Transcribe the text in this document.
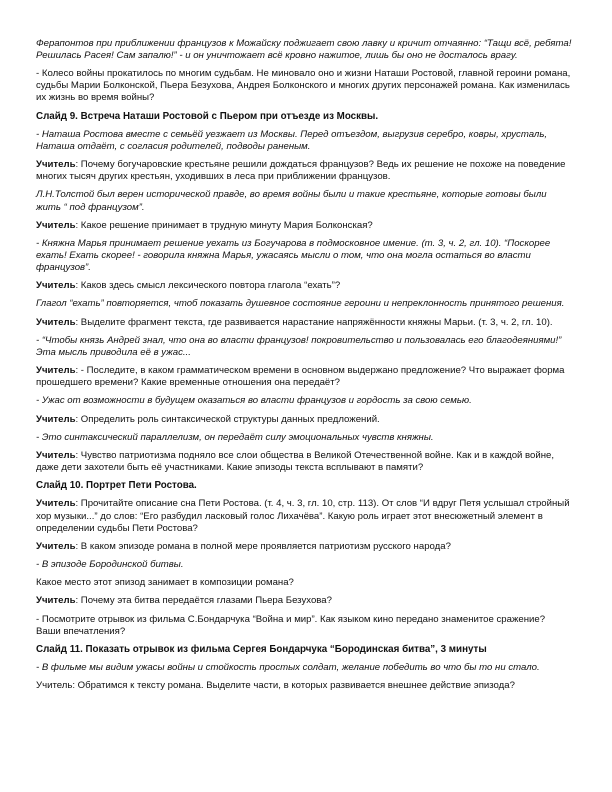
Ферапонтов при приближении французов к Можайску поджигает свою лавку и кричит отчаянно: “Тащи всё, ребята! Решилась Расея! Сам запалю!” - и он уничтожает всё кровно нажитое, лишь бы оно не досталось врагу.

- Колесо войны прокатилось по многим судьбам. Не миновало оно и жизни Наташи Ростовой, главной героини романа, судьбы Марии Болконской, Пьера Безухова, Андрея Болконского и многих других персонажей романа. Как изменилась их жизнь во время войны?

Слайд 9. Встреча Наташи Ростовой с Пьером при отъезде из Москвы.

- Наташа Ростова вместе с семьёй уезжает из Москвы. Перед отъездом, выгрузив серебро, ковры, хрусталь, Наташа отдаёт, с согласия родителей, подводы раненым.

Учитель: Почему богучаровские крестьяне решили дождаться французов? Ведь их решение не похоже на поведение многих тысяч других крестьян, уходивших в леса при приближении французов.

Л.Н.Толстой был верен исторической правде, во время войны были и такие крестьяне, которые готовы были жить “ под французом”.

Учитель: Какое решение принимает в трудную минуту Мария Болконская?

- Княжна Марья принимает решение уехать из Богучарова в подмосковное имение. (т. 3, ч. 2, гл. 10). “Поскорее ехать! Ехать скорее! - говорила княжна Марья, ужасаясь мысли о том, что она могла остаться во власти французов”.

Учитель: Каков здесь смысл лексического повтора глагола “ехать”?

Глагол “ехать” повторяется, чтоб показать душевное состояние героини и непреклонность принятого решения.

Учитель: Выделите фрагмент текста, где развивается нарастание напряжённости княжны Марьи. (т. 3, ч. 2, гл. 10).

- “Чтобы князь Андрей знал, что она во власти французов! покровительство и пользовалась его благодеяниями!” Эта мысль приводила её в ужас...

Учитель: - Последите, в каком грамматическом времени в основном выдержано предложение? Что выражает форма прошедшего времени? Какие временные отношения она передаёт?

- Ужас от возможности в будущем оказаться во власти французов и гордость за свою семью.

Учитель: Определить роль синтаксической структуры данных предложений.

- Это синтаксический параллелизм, он передаёт силу эмоциональных чувств княжны.

Учитель: Чувство патриотизма подняло все слои общества в Великой Отечественной войне. Как и в каждой войне, даже дети захотели быть её участниками. Какие эпизоды текста всплывают в памяти?

Слайд 10. Портрет Пети Ростова.

Учитель: Прочитайте описание сна Пети Ростова. (т. 4, ч. 3, гл. 10, стр. 113). От слов “И вдруг Петя услышал стройный хор музыки...” до слов: “Его разбудил ласковый голос Лихачёва”. Какую роль играет этот внесюжетный элемент в определении судьбы Пети Ростова?

Учитель: В каком эпизоде романа в полной мере проявляется патриотизм русского народа?

- В эпизоде Бородинской битвы.

Какое место этот эпизод занимает в композиции романа?

Учитель: Почему эта битва передаётся глазами Пьера Безухова?

- Посмотрите отрывок из фильма С.Бондарчука “Война и мир”. Как языком кино передано знаменитое сражение? Ваши впечатления?

Слайд 11. Показать отрывок из фильма Сергея Бондарчука “Бородинская битва”, 3 минуты

- В фильме мы видим ужасы войны и стойкость простых солдат, желание победить во что бы то ни стало.

Учитель: Обратимся к тексту романа. Выделите части, в которых развивается внешнее действие эпизода?
